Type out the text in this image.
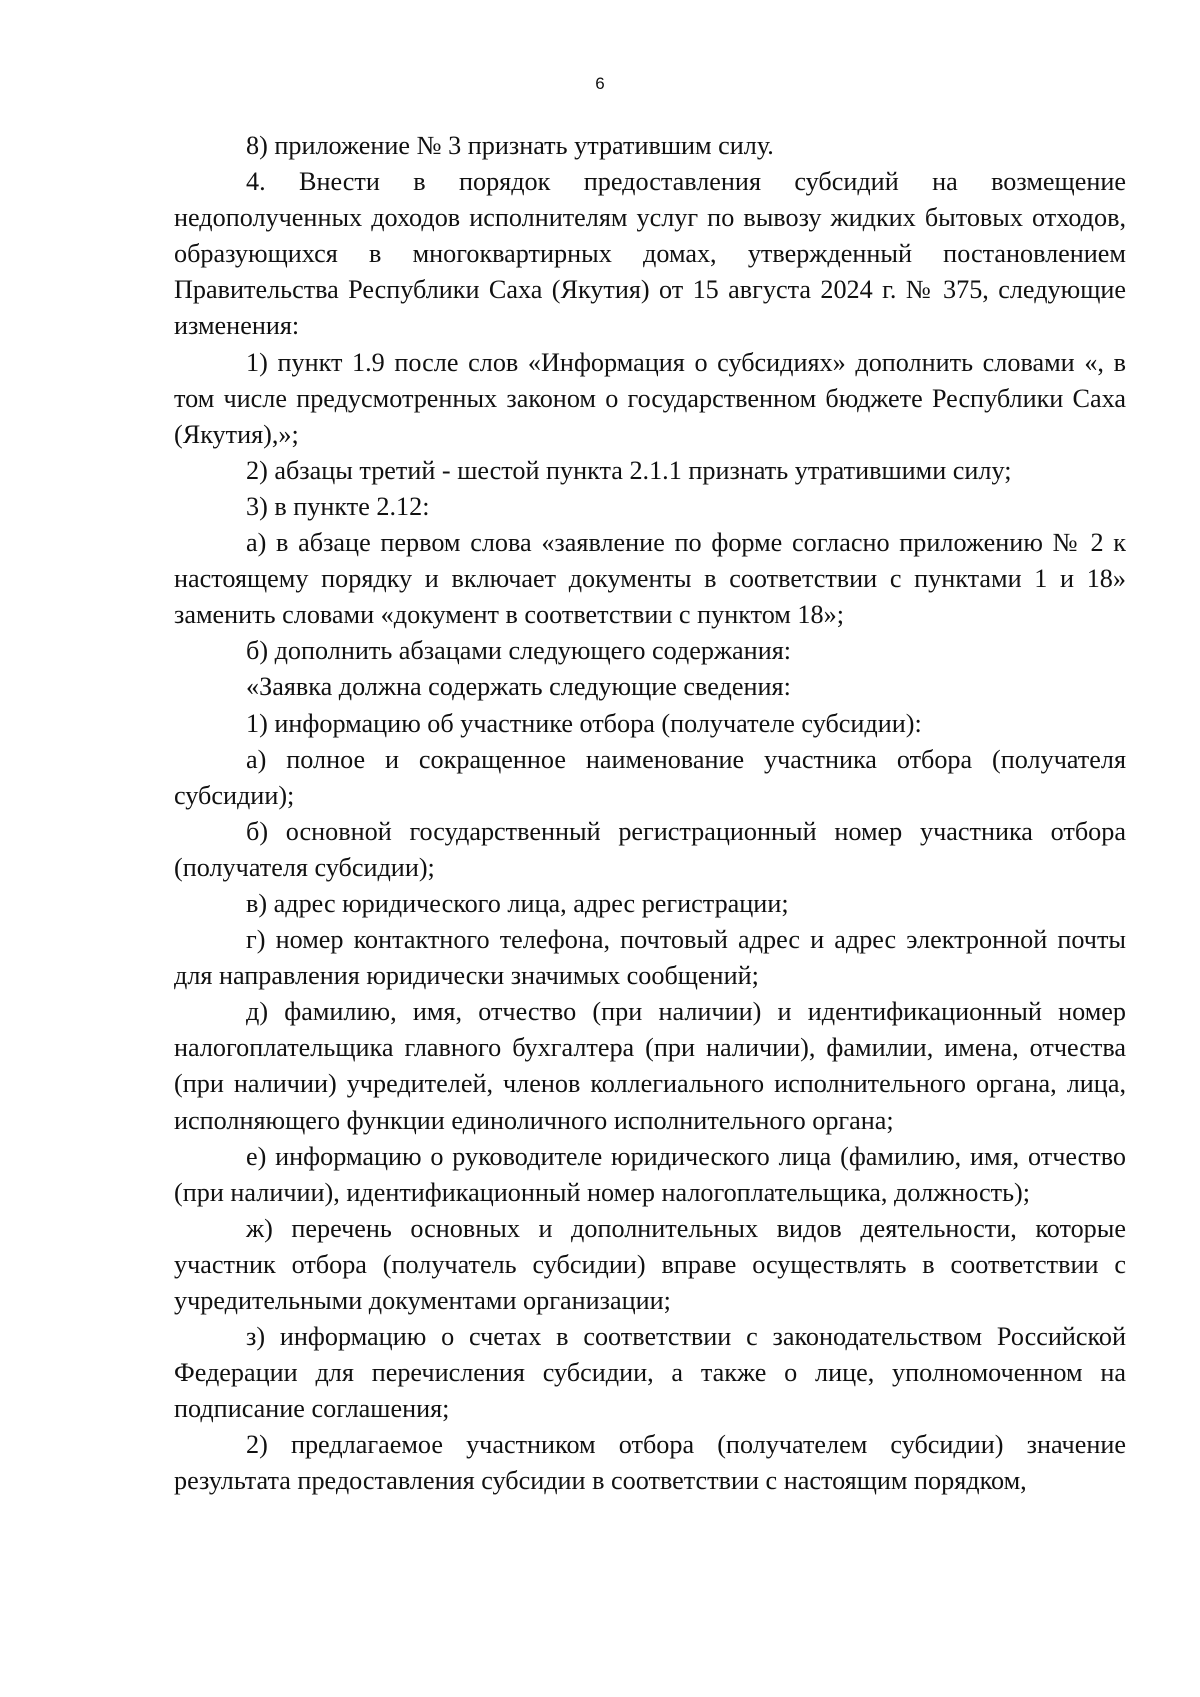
6

8) приложение № 3 признать утратившим силу.

4. Внести в порядок предоставления субсидий на возмещение недополученных доходов исполнителям услуг по вывозу жидких бытовых отходов, образующихся в многоквартирных домах, утвержденный постановлением Правительства Республики Саха (Якутия) от 15 августа 2024 г. № 375, следующие изменения:

1) пункт 1.9 после слов «Информация о субсидиях» дополнить словами «, в том числе предусмотренных законом о государственном бюджете Республики Саха (Якутия),»;

2) абзацы третий - шестой пункта 2.1.1 признать утратившими силу;

3) в пункте 2.12:

а) в абзаце первом слова «заявление по форме согласно приложению № 2 к настоящему порядку и включает документы в соответствии с пунктами 1 и 18» заменить словами «документ в соответствии с пунктом 18»;

б) дополнить абзацами следующего содержания:

«Заявка должна содержать следующие сведения:

1) информацию об участнике отбора (получателе субсидии):

а) полное и сокращенное наименование участника отбора (получателя субсидии);

б) основной государственный регистрационный номер участника отбора (получателя субсидии);

в) адрес юридического лица, адрес регистрации;

г) номер контактного телефона, почтовый адрес и адрес электронной почты для направления юридически значимых сообщений;

д) фамилию, имя, отчество (при наличии) и идентификационный номер налогоплательщика главного бухгалтера (при наличии), фамилии, имена, отчества (при наличии) учредителей, членов коллегиального исполнительного органа, лица, исполняющего функции единоличного исполнительного органа;

е) информацию о руководителе юридического лица (фамилию, имя, отчество (при наличии), идентификационный номер налогоплательщика, должность);

ж) перечень основных и дополнительных видов деятельности, которые участник отбора (получатель субсидии) вправе осуществлять в соответствии с учредительными документами организации;

з) информацию о счетах в соответствии с законодательством Российской Федерации для перечисления субсидии, а также о лице, уполномоченном на подписание соглашения;

2) предлагаемое участником отбора (получателем субсидии) значение результата предоставления субсидии в соответствии с настоящим порядком,
